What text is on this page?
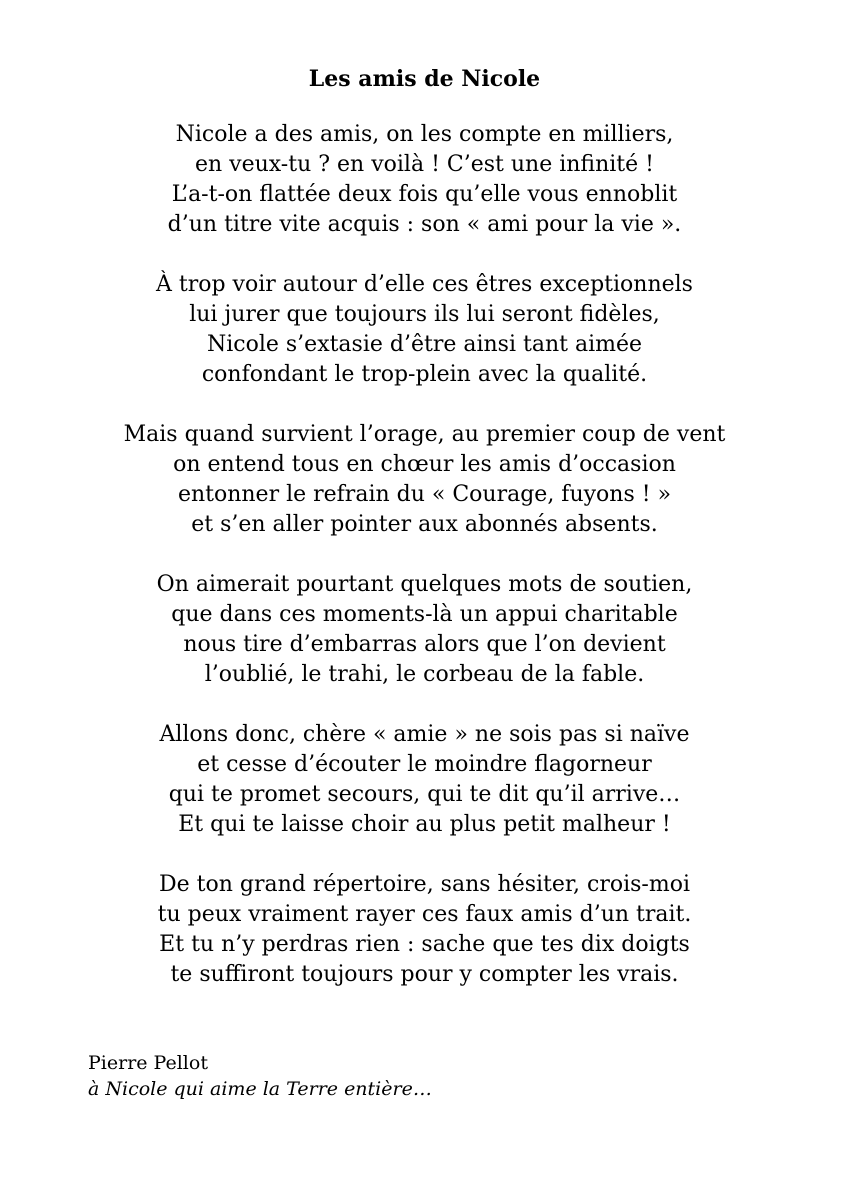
Les amis de Nicole
Nicole a des amis, on les compte en milliers,
en veux-tu ? en voilà ! C’est une infinité !
L’a-t-on flattée deux fois qu’elle vous ennoblit
d’un titre vite acquis : son « ami pour la vie ».
À trop voir autour d’elle ces êtres exceptionnels
lui jurer que toujours ils lui seront fidèles,
Nicole s’extasie d’être ainsi tant aimée
confondant le trop-plein avec la qualité.
Mais quand survient l’orage, au premier coup de vent
on entend tous en chœur les amis d’occasion
entonner le refrain du « Courage, fuyons ! »
et s’en aller pointer aux abonnés absents.
On aimerait pourtant quelques mots de soutien,
que dans ces moments-là un appui charitable
nous tire d’embarras alors que l’on devient
l’oublié, le trahi, le corbeau de la fable.
Allons donc, chère « amie » ne sois pas si naïve
et cesse d’écouter le moindre flagorneur
qui te promet secours, qui te dit qu’il arrive…
Et qui te laisse choir au plus petit malheur !
De ton grand répertoire, sans hésiter, crois-moi
tu peux vraiment rayer ces faux amis d’un trait.
Et tu n’y perdras rien : sache que tes dix doigts
te suffiront toujours pour y compter les vrais.
Pierre Pellot
à Nicole qui aime la Terre entière…
